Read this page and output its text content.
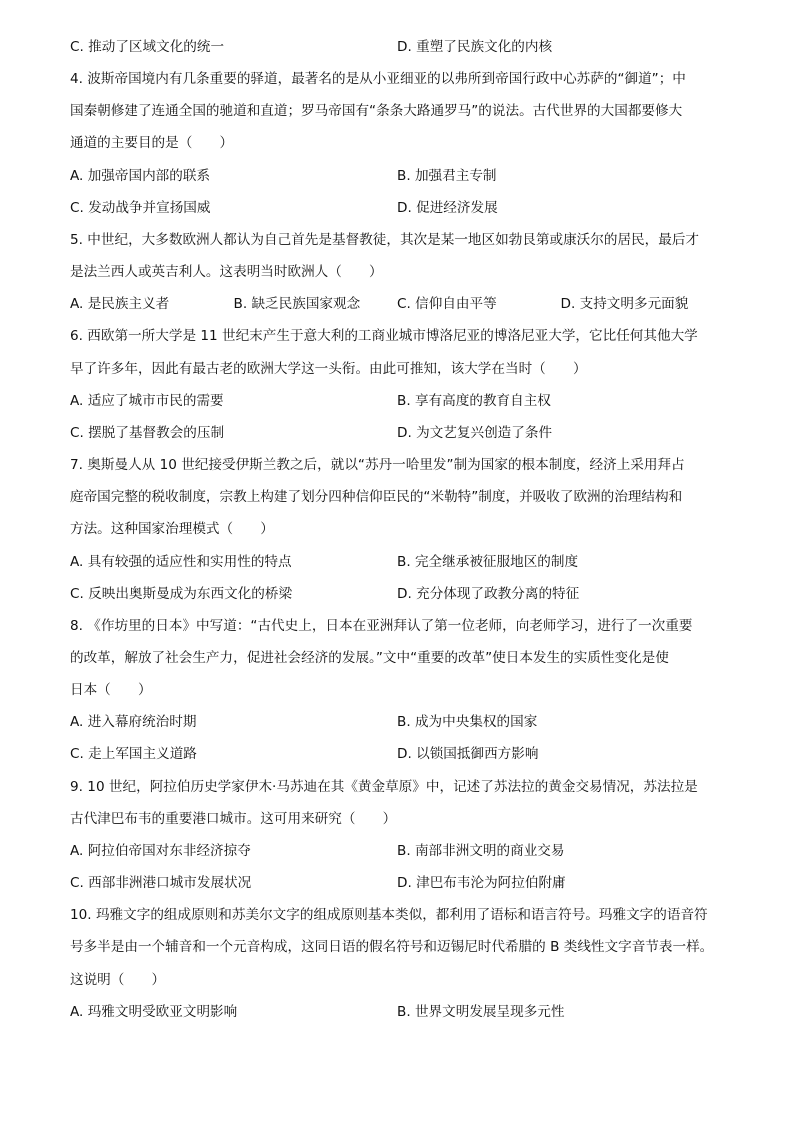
C. 推动了区域文化的统一	D. 重塑了民族文化的内核
4. 波斯帝国境内有几条重要的驿道，最著名的是从小亚细亚的以弗所到帝国行政中心苏萨的“御道”；中
国秦朝修建了连通全国的驰道和直道；罗马帝国有“条条大路通罗马”的说法。古代世界的大国都要修大
通道的主要目的是（　　）
A. 加强帝国内部的联系	B. 加强君主专制
C. 发动战争并宣扬国威	D. 促进经济发展
5. 中世纪，大多数欧洲人都认为自己首先是基督教徒，其次是某一地区如勃艮第或康沃尔的居民，最后才
是法兰西人或英吉利人。这表明当时欧洲人（　　）
A. 是民族主义者	B. 缺乏民族国家观念	C. 信仰自由平等	D. 支持文明多元面貌
6. 西欧第一所大学是 11 世纪末产生于意大利的工商业城市博洛尼亚的博洛尼亚大学，它比任何其他大学
早了许多年，因此有最古老的欧洲大学这一头衔。由此可推知，该大学在当时（　　）
A. 适应了城市市民的需要	B. 享有高度的教育自主权
C. 摆脱了基督教会的压制	D. 为文艺复兴创造了条件
7. 奥斯曼人从 10 世纪接受伊斯兰教之后，就以“苏丹一哈里发”制为国家的根本制度，经济上采用拜占
庭帝国完整的税收制度，宗教上构建了划分四种信仰臣民的“米勒特”制度，并吸收了欧洲的治理结构和
方法。这种国家治理模式（　　）
A. 具有较强的适应性和实用性的特点	B. 完全继承被征服地区的制度
C. 反映出奥斯曼成为东西文化的桥梁	D. 充分体现了政教分离的特征
8. 《作坊里的日本》中写道：“古代史上，日本在亚洲拜认了第一位老师，向老师学习，进行了一次重要
的改革，解放了社会生产力，促进社会经济的发展。”文中“重要的改革”使日本发生的实质性变化是使
日本（　　）
A. 进入幕府统治时期	B. 成为中央集权的国家
C. 走上军国主义道路	D. 以锁国抵御西方影响
9. 10 世纪，阿拉伯历史学家伊木·马苏迪在其《黄金草原》中，记述了苏法拉的黄金交易情况，苏法拉是
古代津巴布韦的重要港口城市。这可用来研究（　　）
A. 阿拉伯帝国对东非经济掠夺	B. 南部非洲文明的商业交易
C. 西部非洲港口城市发展状况	D. 津巴布韦沦为阿拉伯附庸
10. 玛雅文字的组成原则和苏美尔文字的组成原则基本类似，都利用了语标和语言符号。玛雅文字的语音符
号多半是由一个辅音和一个元音构成，这同日语的假名符号和迈锡尼时代希腊的 B 类线性文字音节表一样。
这说明（　　）
A. 玛雅文明受欧亚文明影响	B. 世界文明发展呈现多元性
